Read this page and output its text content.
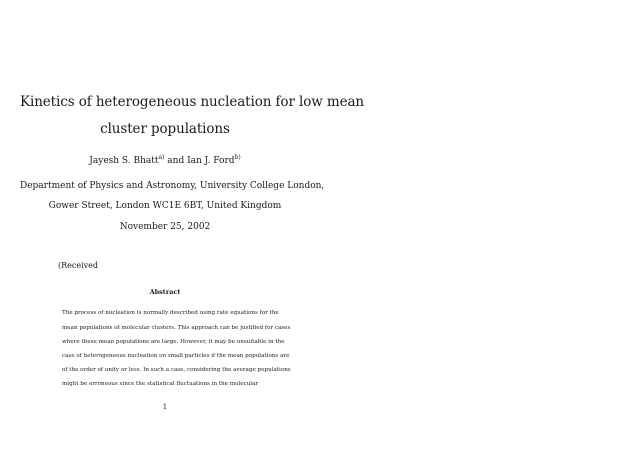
Kinetics of heterogeneous nucleation for low mean
cluster populations
Jayesh S. Bhatt$^{a)}$ and Ian J. Ford$^{b)}$
Department of Physics and Astronomy, University College London,
Gower Street, London WC1E 6BT, United Kingdom
November 25, 2002
(Received
Abstract
The process of nucleation is normally described using rate equations for the
mean populations of molecular clusters. This approach can be justified for cases
where these mean populations are large. However, it may be unsuitable in the
case of heterogeneous nucleation on small particles if the mean populations are
of the order of unity or less. In such a case, considering the average populations
might be erroneous since the statistical fluctuations in the molecular
1
